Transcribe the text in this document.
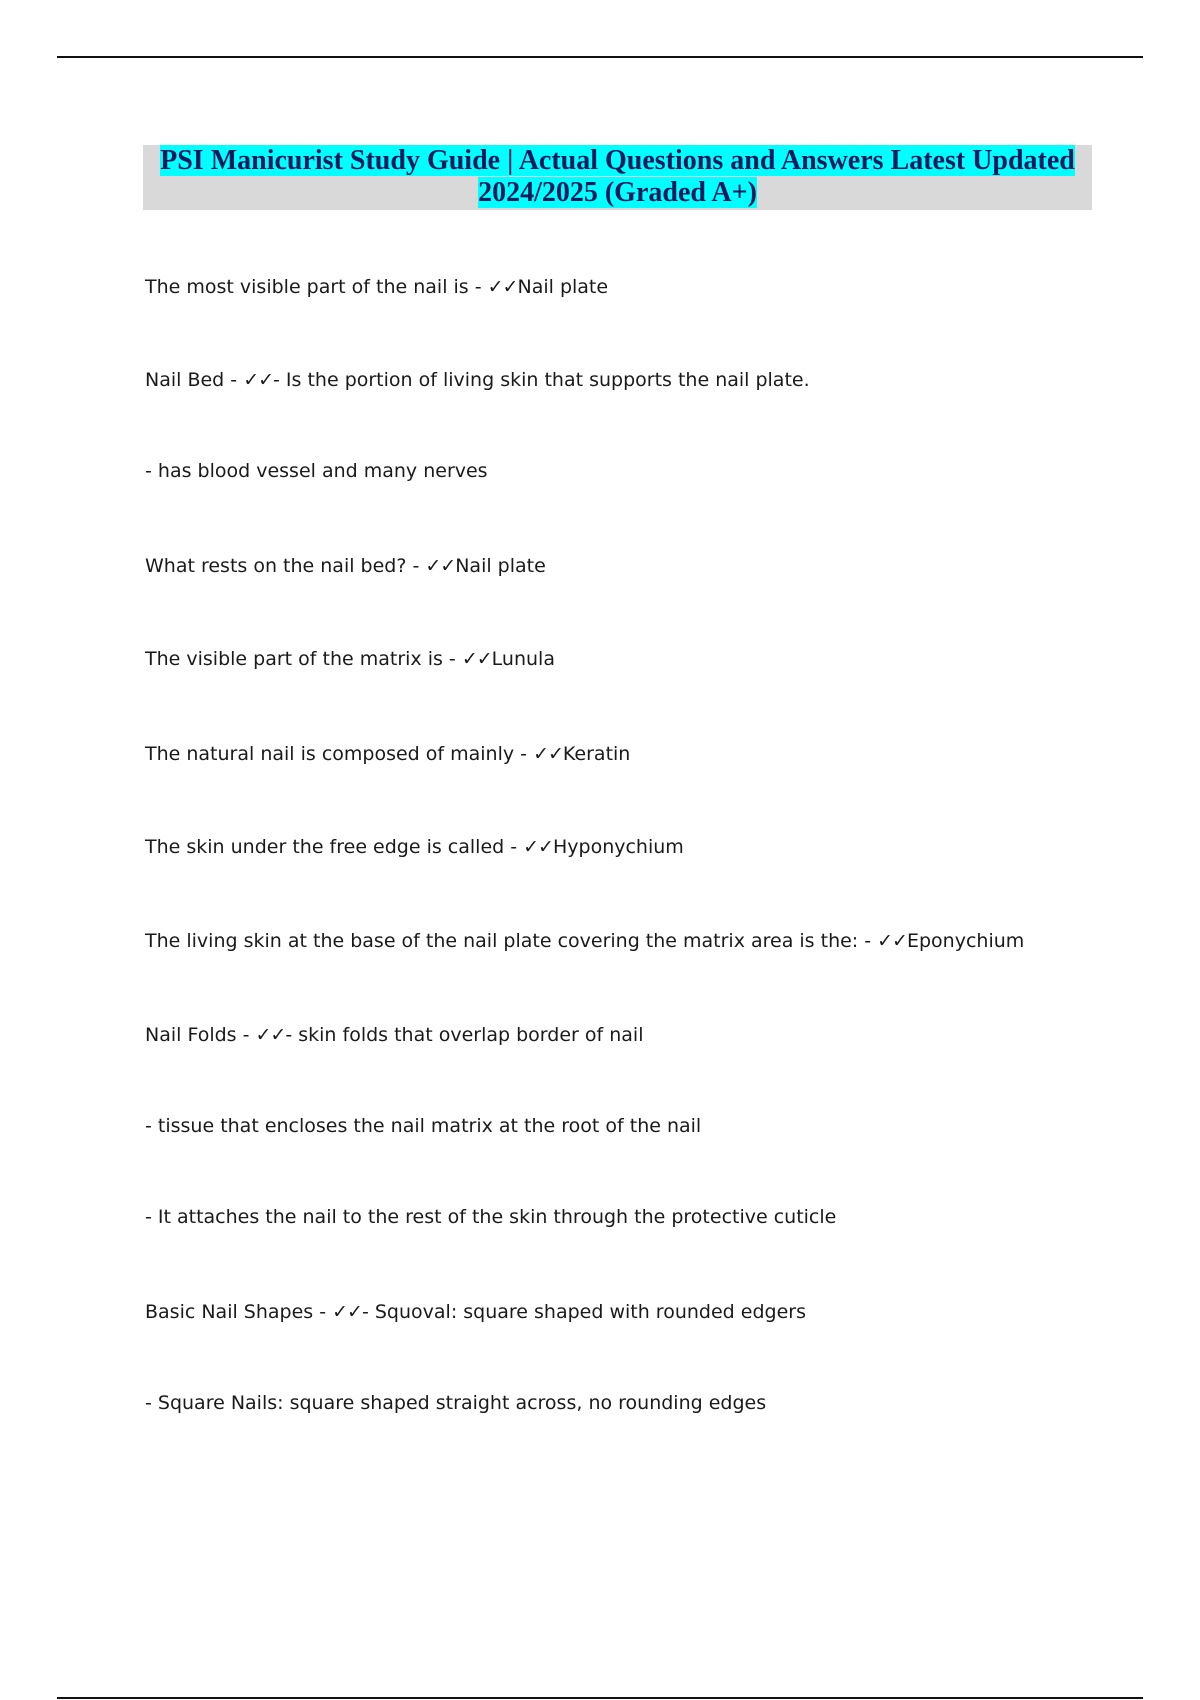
PSI Manicurist Study Guide | Actual Questions and Answers Latest Updated
2024/2025 (Graded A+)
The most visible part of the nail is - ✓✓Nail plate
Nail Bed - ✓✓- Is the portion of living skin that supports the nail plate.
- has blood vessel and many nerves
What rests on the nail bed? - ✓✓Nail plate
The visible part of the matrix is - ✓✓Lunula
The natural nail is composed of mainly - ✓✓Keratin
The skin under the free edge is called - ✓✓Hyponychium
The living skin at the base of the nail plate covering the matrix area is the: - ✓✓Eponychium
Nail Folds - ✓✓- skin folds that overlap border of nail
- tissue that encloses the nail matrix at the root of the nail
- It attaches the nail to the rest of the skin through the protective cuticle
Basic Nail Shapes - ✓✓- Squoval: square shaped with rounded edgers
- Square Nails: square shaped straight across, no rounding edges
